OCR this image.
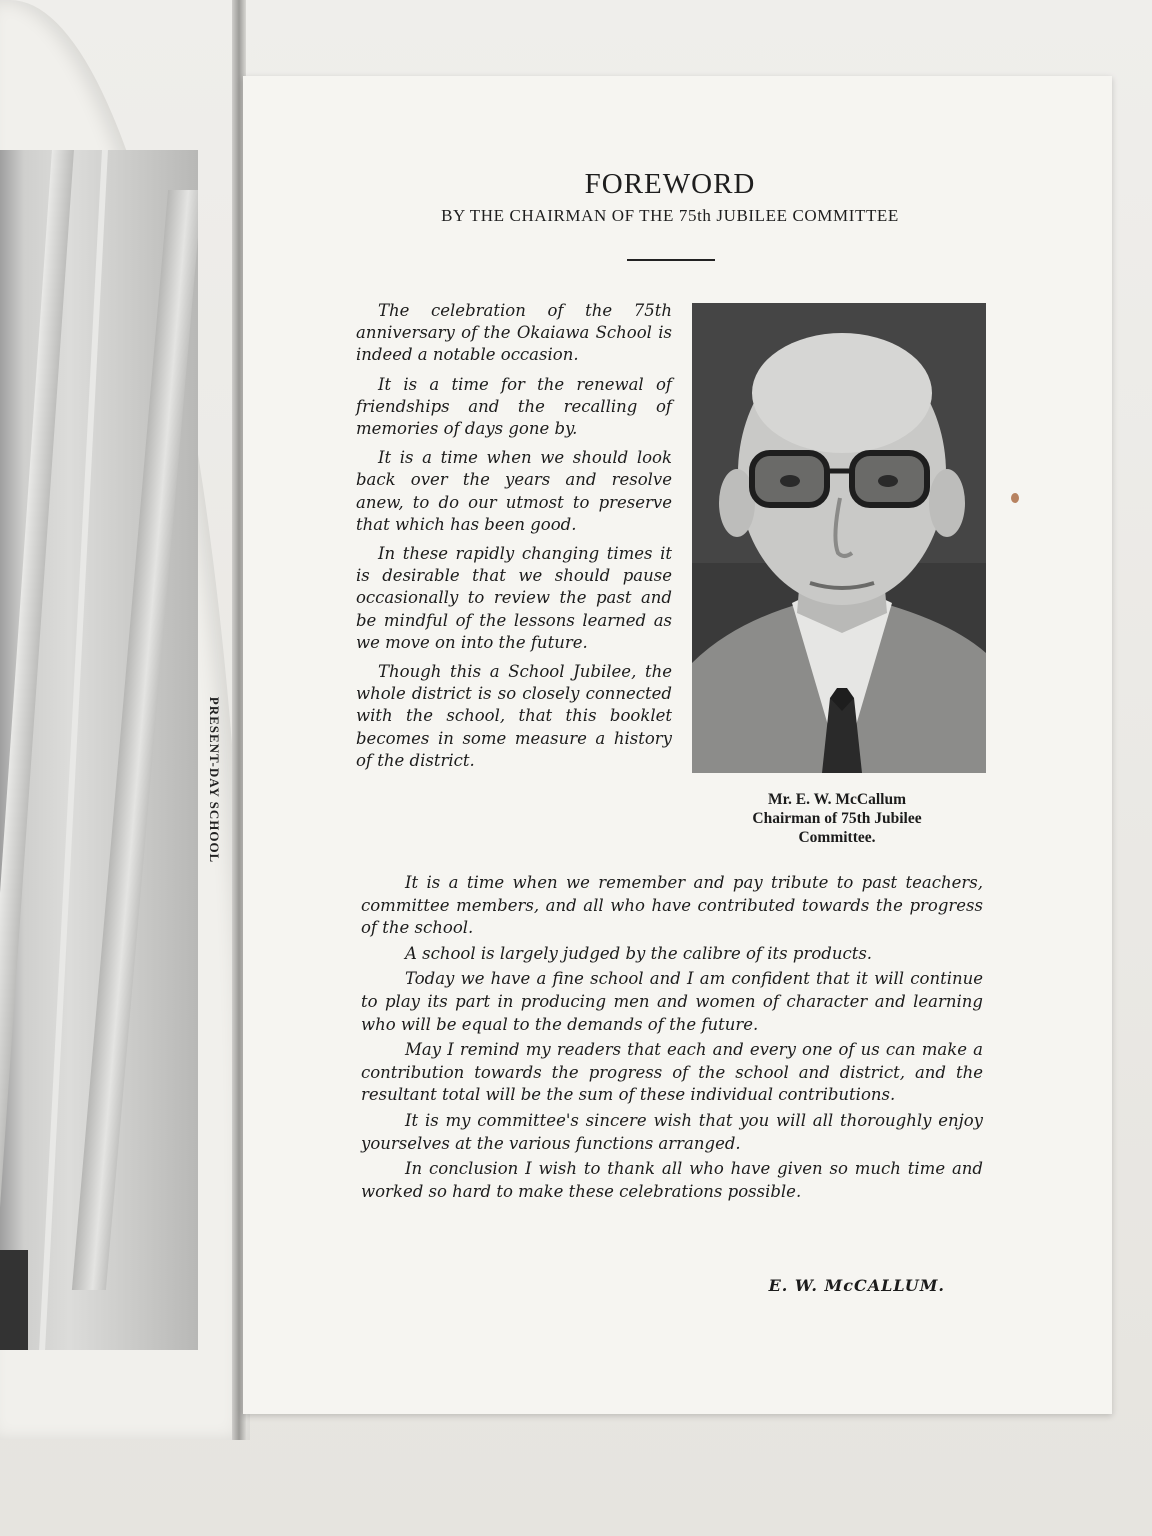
PRESENT-DAY SCHOOL
FOREWORD
BY THE CHAIRMAN OF THE 75th JUBILEE COMMITTEE

The celebration of the 75th anniversary of the Okaiawa School is indeed a notable occasion.

It is a time for the renewal of friendships and the recalling of memories of days gone by.

It is a time when we should look back over the years and resolve anew, to do our utmost to preserve that which has been good.

In these rapidly changing times it is desirable that we should pause occasionally to review the past and be mindful of the lessons learned as we move on into the future.

Though this a School Jubilee, the whole district is so closely connected with the school, that this booklet becomes in some measure a history of the district.

Mr. E. W. McCallum
Chairman of 75th Jubilee
Committee.

It is a time when we remember and pay tribute to past teachers, committee members, and all who have contributed towards the progress of the school.

A school is largely judged by the calibre of its products.

Today we have a fine school and I am confident that it will continue to play its part in producing men and women of character and learning who will be equal to the demands of the future.

May I remind my readers that each and every one of us can make a contribution towards the progress of the school and district, and the resultant total will be the sum of these individual contributions.

It is my committee's sincere wish that you will all thoroughly enjoy yourselves at the various functions arranged.

In conclusion I wish to thank all who have given so much time and worked so hard to make these celebrations possible.

E. W. McCALLUM.
